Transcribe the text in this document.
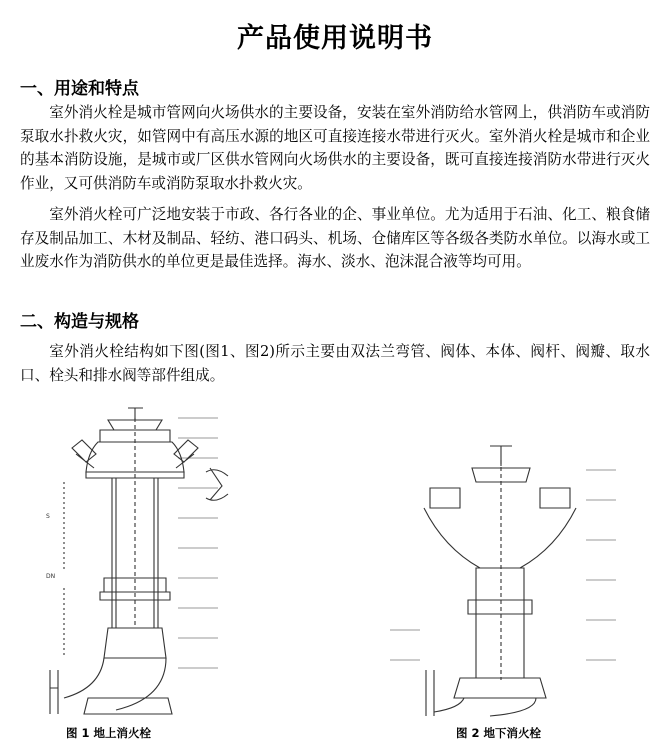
产品使用说明书
一、用途和特点
室外消火栓是城市管网向火场供水的主要设备，安装在室外消防给水管网上，供消防车或消防泵取水扑救火灾，如管网中有高压水源的地区可直接连接水带进行灭火。室外消火栓是城市和企业的基本消防设施，是城市或厂区供水管网向火场供水的主要设备，既可直接连接消防水带进行灭火作业，又可供消防车或消防泵取水扑救火灾。
室外消火栓可广泛地安装于市政、各行各业的企、事业单位。尤为适用于石油、化工、粮食储存及制品加工、木材及制品、轻纺、港口码头、机场、仓储库区等各级各类防水单位。以海水或工业废水作为消防供水的单位更是最佳选择。海水、淡水、泡沫混合液等均可用。
二、构造与规格
室外消火栓结构如下图(图1、图2)所示主要由双法兰弯管、阀体、本体、阀杆、阀瓣、取水口、栓头和排水阀等部件组成。
S
DN
图 1 地上消火栓	图 2 地下消火栓
